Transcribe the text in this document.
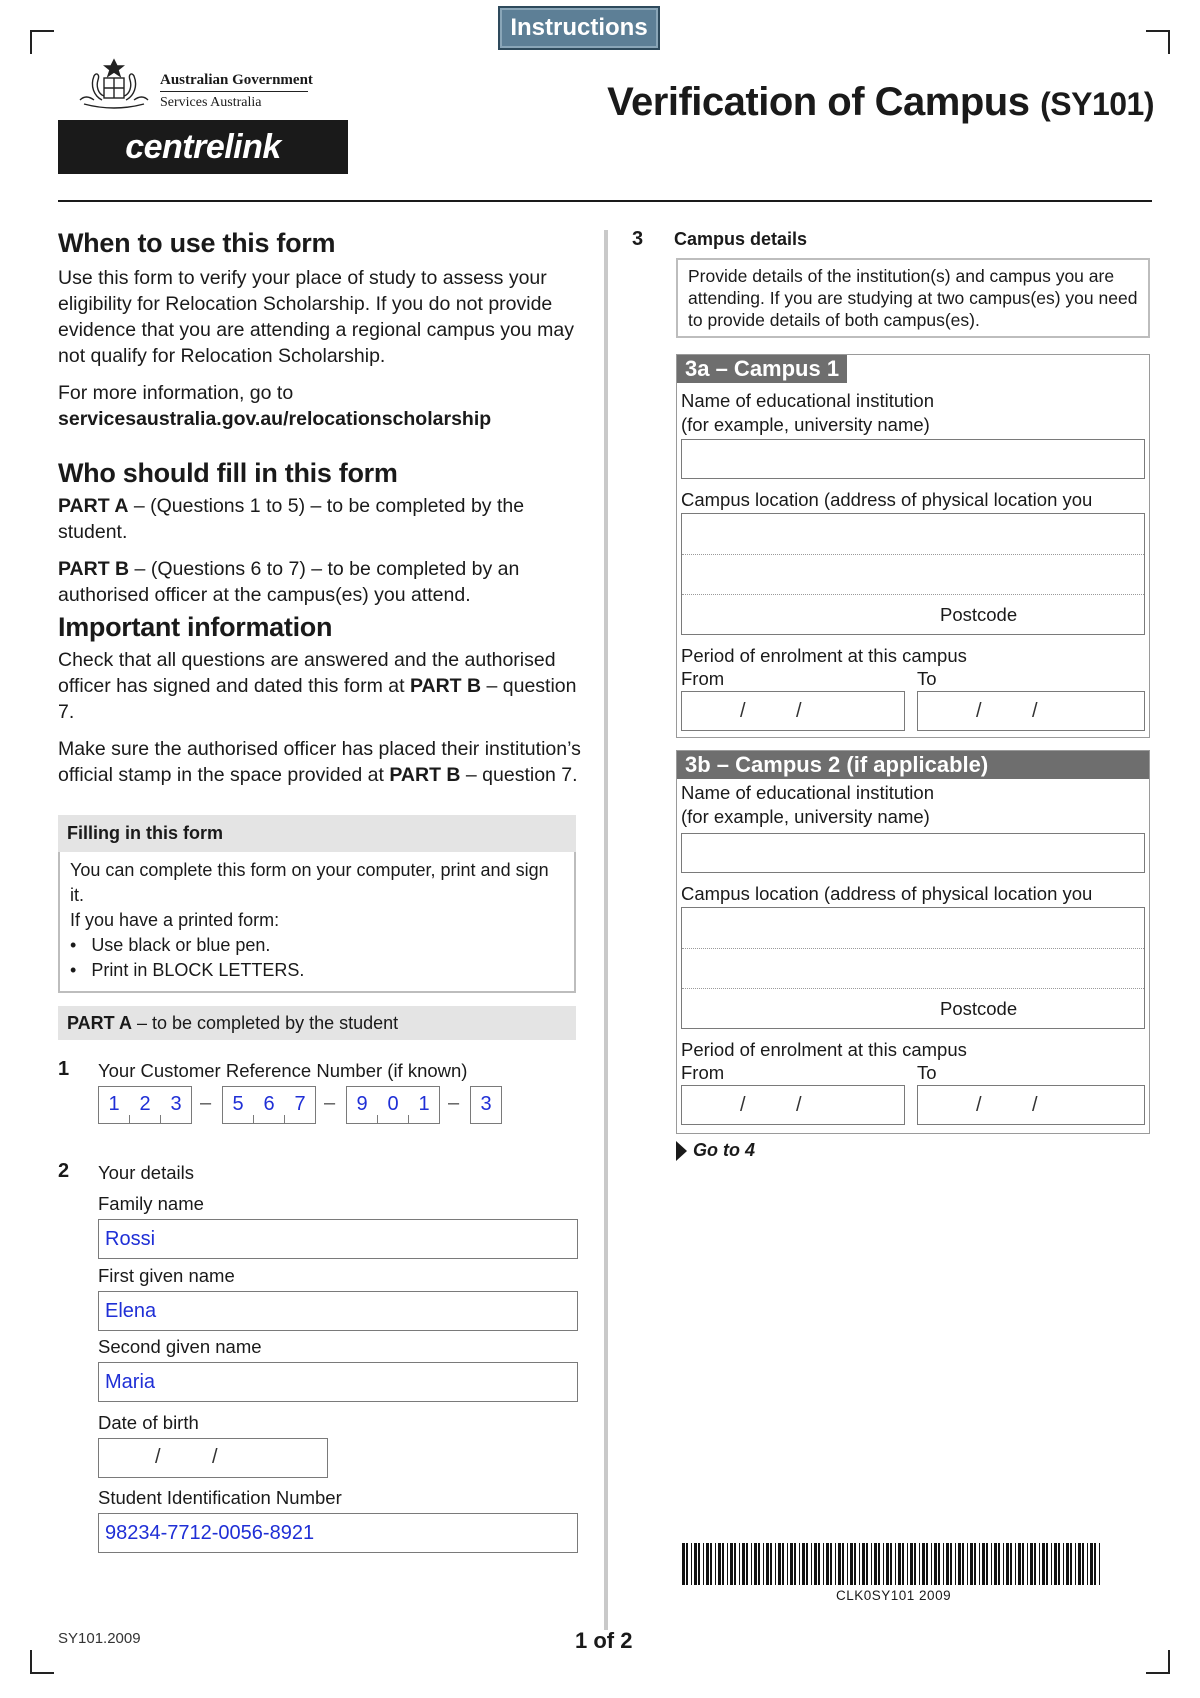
Instructions
Australian Government
Services Australia
centrelink
Verification of Campus (SY101)
When to use this form

Use this form to verify your place of study to assess your eligibility for Relocation Scholarship. If you do not provide evidence that you are attending a regional campus you may not qualify for Relocation Scholarship.

For more information, go to

servicesaustralia.gov.au/relocationscholarship

Who should fill in this form

PART A – (Questions 1 to 5) – to be completed by the student.

PART B – (Questions 6 to 7) – to be completed by an authorised officer at the campus(es) you attend.

Important information

Check that all questions are answered and the authorised officer has signed and dated this form at PART B – question 7.

Make sure the authorised officer has placed their institution’s official stamp in the space provided at PART B – question 7.

Filling in this form
You can complete this form on your computer, print and sign it.
If you have a printed form:
•   Use black or blue pen.
•   Print in BLOCK LETTERS.
PART A – to be completed by the student
1 Your Customer Reference Number (if known)
1 2 3	5 6 7	9 0 1	3
–	–	–
2 Your details
Family name
Rossi
First given name
Elena
Second given name
Maria
Date of birth
/	/
Student Identification Number
98234-7712-0056-8921
3 Campus details
Provide details of the institution(s) and campus you are attending. If you are studying at two campus(es) you need to provide details of both campus(es).
3a – Campus 1
Name of educational institution
(for example, university name)
Campus location (address of physical location you
Postcode
Period of enrolment at this campus
From	To
/	/	/	/
3b – Campus 2 (if applicable)
Name of educational institution
(for example, university name)
Campus location (address of physical location you
Postcode
Period of enrolment at this campus
From	To
/	/	/	/
Go to 4
CLK0SY101 2009
SY101.2009	1 of 2
